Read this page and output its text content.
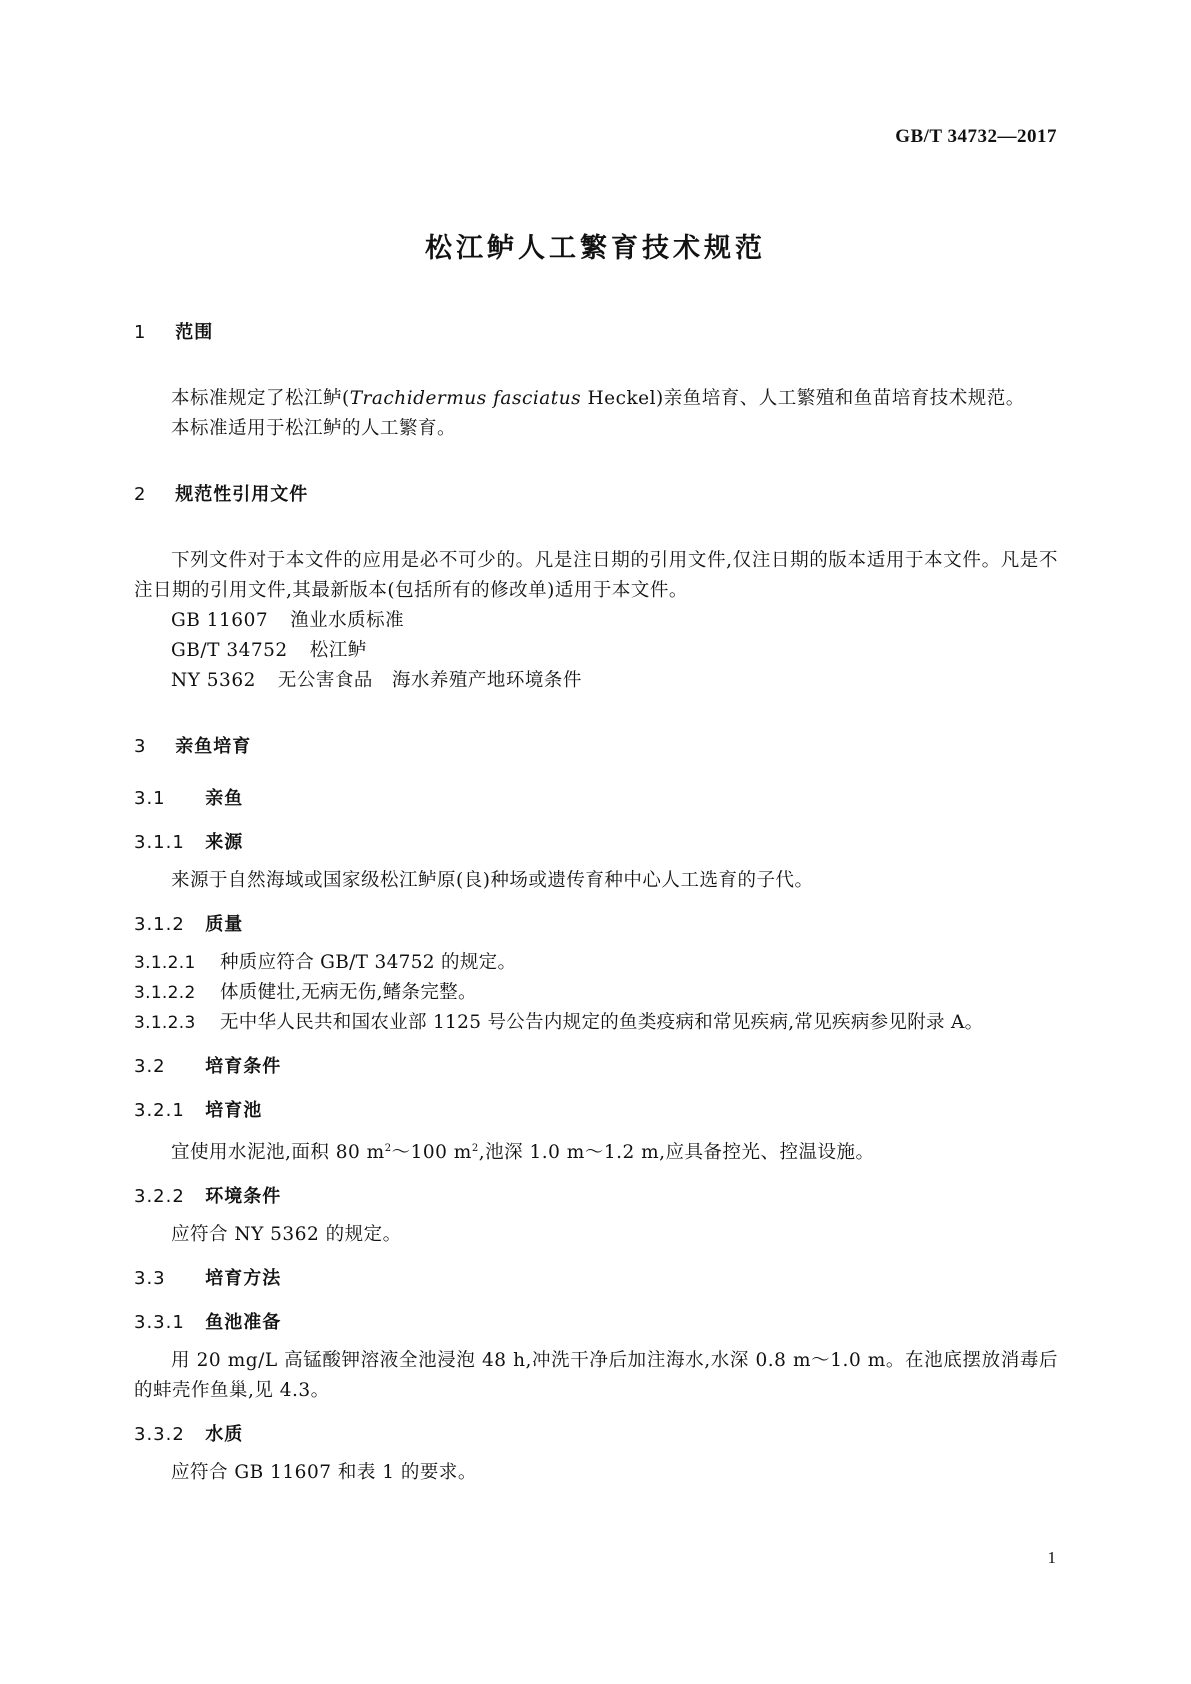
GB/T 34732—2017
松江鲈人工繁育技术规范
1 范围

本标准规定了松江鲈(Trachidermus fasciatus Heckel)亲鱼培育、人工繁殖和鱼苗培育技术规范。

本标准适用于松江鲈的人工繁育。

2 规范性引用文件

下列文件对于本文件的应用是必不可少的。凡是注日期的引用文件,仅注日期的版本适用于本文件。凡是不注日期的引用文件,其最新版本(包括所有的修改单)适用于本文件。

GB 11607 渔业水质标准

GB/T 34752 松江鲈

NY 5362 无公害食品　海水养殖产地环境条件

3 亲鱼培育
3.1 亲鱼
3.1.1 来源

来源于自然海域或国家级松江鲈原(良)种场或遗传育种中心人工选育的子代。

3.1.2 质量

3.1.2.1 种质应符合 GB/T 34752 的规定。

3.1.2.2 体质健壮,无病无伤,鳍条完整。

3.1.2.3 无中华人民共和国农业部 1125 号公告内规定的鱼类疫病和常见疾病,常见疾病参见附录 A。

3.2 培育条件
3.2.1 培育池

宜使用水泥池,面积 80 $m^2\sim 100$ $m^2$,池深 1.0 m～1.2 m,应具备控光、控温设施。

3.2.2 环境条件

应符合 NY 5362 的规定。

3.3 培育方法
3.3.1 鱼池准备

用 20 mg/L 高锰酸钾溶液全池浸泡 48 h,冲洗干净后加注海水,水深 0.8 m～1.0 m。在池底摆放消毒后的蚌壳作鱼巢,见 4.3。

3.3.2 水质

应符合 GB 11607 和表 1 的要求。

1
